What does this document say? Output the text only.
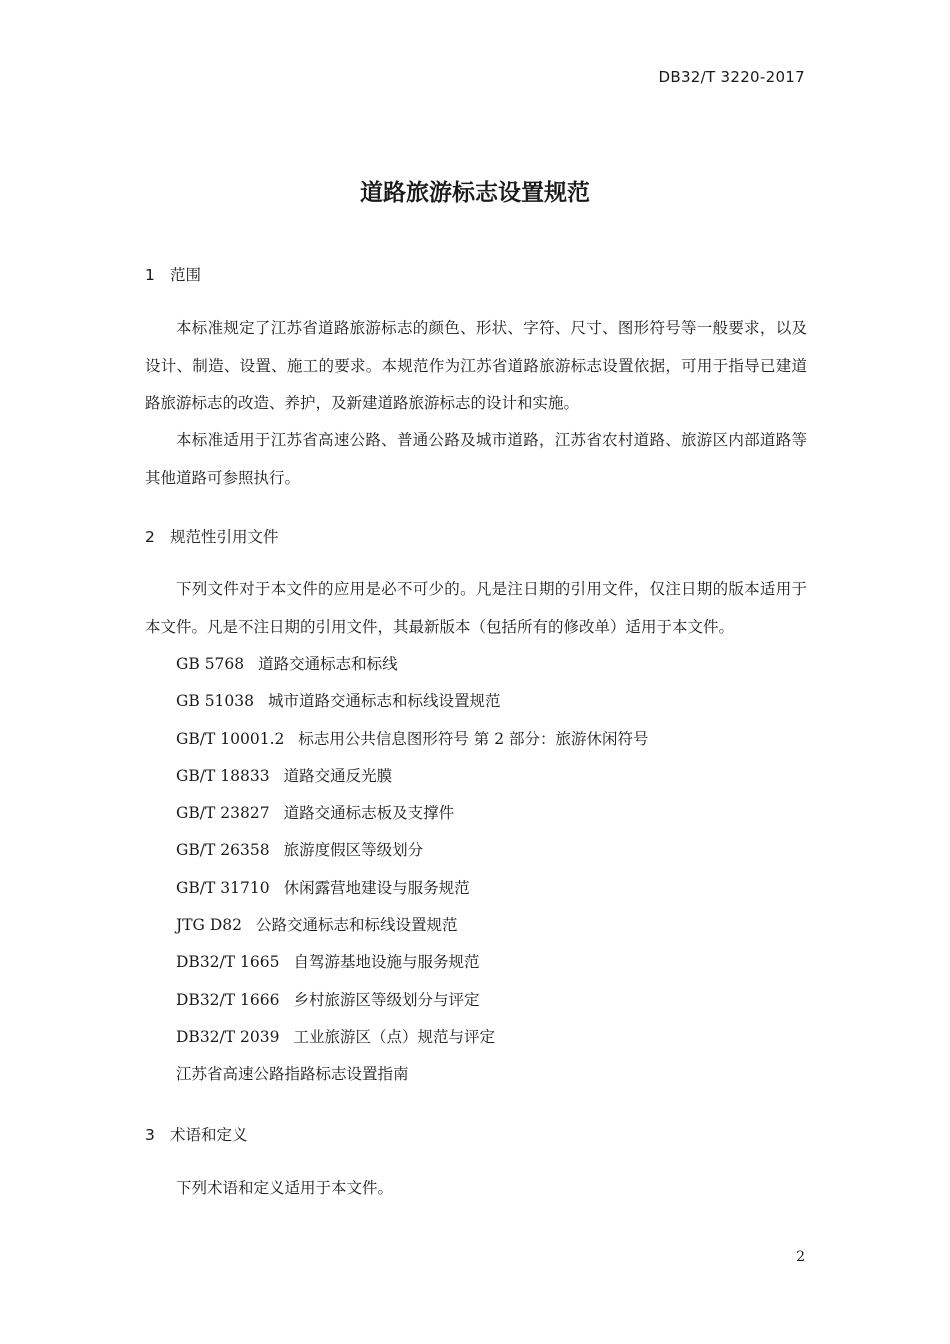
DB32/T 3220-2017
道路旅游标志设置规范
1 范围

本标准规定了江苏省道路旅游标志的颜色、形状、字符、尺寸、图形符号等一般要求，以及设计、制造、设置、施工的要求。本规范作为江苏省道路旅游标志设置依据，可用于指导已建道路旅游标志的改造、养护，及新建道路旅游标志的设计和实施。

本标准适用于江苏省高速公路、普通公路及城市道路，江苏省农村道路、旅游区内部道路等其他道路可参照执行。

2 规范性引用文件

下列文件对于本文件的应用是必不可少的。凡是注日期的引用文件，仅注日期的版本适用于本文件。凡是不注日期的引用文件，其最新版本（包括所有的修改单）适用于本文件。

GB 5768 道路交通标志和标线
GB 51038 城市道路交通标志和标线设置规范
GB/T 10001.2 标志用公共信息图形符号 第 2 部分：旅游休闲符号
GB/T 18833 道路交通反光膜
GB/T 23827 道路交通标志板及支撑件
GB/T 26358 旅游度假区等级划分
GB/T 31710 休闲露营地建设与服务规范
JTG D82 公路交通标志和标线设置规范
DB32/T 1665 自驾游基地设施与服务规范
DB32/T 1666 乡村旅游区等级划分与评定
DB32/T 2039 工业旅游区（点）规范与评定
江苏省高速公路指路标志设置指南
3 术语和定义

下列术语和定义适用于本文件。

2
